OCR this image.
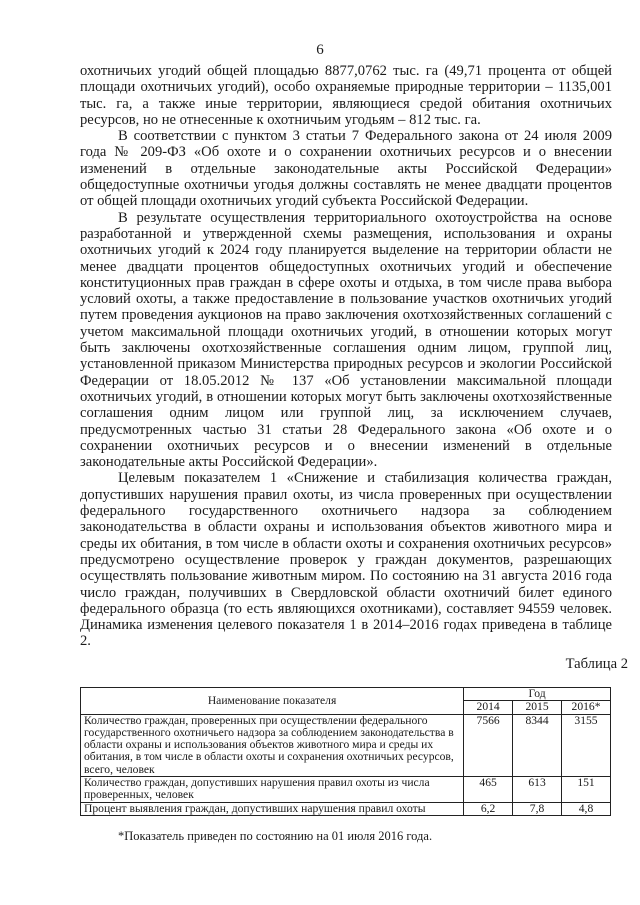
6

охотничьих угодий общей площадью 8877,0762 тыс. га (49,71 процента от общей площади охотничьих угодий), особо охраняемые природные территории – 1135,001 тыс. га, а также иные территории, являющиеся средой обитания охотничьих ресурсов, но не отнесенные к охотничьим угодьям – 812 тыс. га.

В соответствии с пунктом 3 статьи 7 Федерального закона от 24 июля 2009 года № 209-ФЗ «Об охоте и о сохранении охотничьих ресурсов и о внесении изменений в отдельные законодательные акты Российской Федерации» общедоступные охотничьи угодья должны составлять не менее двадцати процентов от общей площади охотничьих угодий субъекта Российской Федерации.

В результате осуществления территориального охотоустройства на основе разработанной и утвержденной схемы размещения, использования и охраны охотничьих угодий к 2024 году планируется выделение на территории области не менее двадцати процентов общедоступных охотничьих угодий и обеспечение конституционных прав граждан в сфере охоты и отдыха, в том числе права выбора условий охоты, а также предоставление в пользование участков охотничьих угодий путем проведения аукционов на право заключения охотхозяйственных соглашений с учетом максимальной площади охотничьих угодий, в отношении которых могут быть заключены охотхозяйственные соглашения одним лицом, группой лиц, установленной приказом Министерства природных ресурсов и экологии Российской Федерации от 18.05.2012 № 137 «Об установлении максимальной площади охотничьих угодий, в отношении которых могут быть заключены охотхозяйственные соглашения одним лицом или группой лиц, за исключением случаев, предусмотренных частью 31 статьи 28 Федерального закона «Об охоте и о сохранении охотничьих ресурсов и о внесении изменений в отдельные законодательные акты Российской Федерации».

Целевым показателем 1 «Снижение и стабилизация количества граждан, допустивших нарушения правил охоты, из числа проверенных при осуществлении федерального государственного охотничьего надзора за соблюдением законодательства в области охраны и использования объектов животного мира и среды их обитания, в том числе в области охоты и сохранения охотничьих ресурсов» предусмотрено осуществление проверок у граждан документов, разрешающих осуществлять пользование животным миром. По состоянию на 31 августа 2016 года число граждан, получивших в Свердловской области охотничий билет единого федерального образца (то есть являющихся охотниками), составляет 94559 человек. Динамика изменения целевого показателя 1 в 2014–2016 годах приведена в таблице 2.

Таблица 2
Наименование показателя	Год		
	2014	2015	2016*
Количество граждан, проверенных при осуществлении федерального государственного охотничьего надзора за соблюдением законодательства в области охраны и использования объектов животного мира и среды их обитания, в том числе в области охоты и сохранения охотничьих ресурсов, всего, человек	7566	8344	3155
Количество граждан, допустивших нарушения правил охоты из числа проверенных, человек	465	613	151
Процент выявления граждан, допустивших нарушения правил охоты	6,2	7,8	4,8
*Показатель приведен по состоянию на 01 июля 2016 года.
